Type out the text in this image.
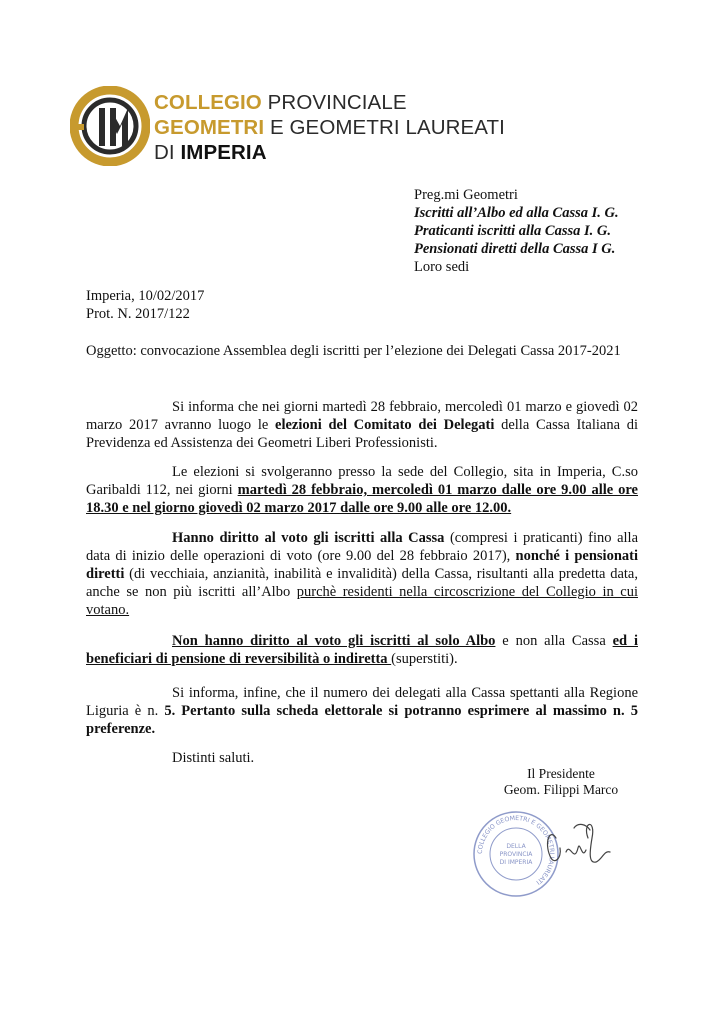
COLLEGIO PROVINCIALE
GEOMETRI E GEOMETRI LAUREATI
DI IMPERIA
Preg.mi Geometri
Iscritti all’Albo ed alla Cassa I. G.
Praticanti iscritti alla Cassa I. G.
Pensionati diretti della Cassa I G.
Loro sedi
Imperia, 10/02/2017
Prot. N. 2017/122
Oggetto: convocazione Assemblea degli iscritti per l’elezione dei Delegati Cassa 2017-2021
Si informa che nei giorni martedì 28 febbraio, mercoledì 01 marzo e giovedì 02 marzo 2017 avranno luogo le elezioni del Comitato dei Delegati della Cassa Italiana di Previdenza ed Assistenza dei Geometri Liberi Professionisti.
Le elezioni si svolgeranno presso la sede del Collegio, sita in Imperia, C.so Garibaldi 112, nei giorni martedì 28 febbraio, mercoledì 01 marzo dalle ore 9.00 alle ore 18.30 e nel giorno giovedì 02 marzo 2017 dalle ore 9.00 alle ore 12.00.
Hanno diritto al voto gli iscritti alla Cassa (compresi i praticanti) fino alla data di inizio delle operazioni di voto (ore 9.00 del 28 febbraio 2017), nonché i pensionati diretti (di vecchiaia, anzianità, inabilità e invalidità) della Cassa, risultanti alla predetta data, anche se non più iscritti all’Albo purchè residenti nella circoscrizione del Collegio in cui votano.
Non hanno diritto al voto gli iscritti al solo Albo e non alla Cassa ed i beneficiari di pensione di reversibilità o indiretta (superstiti).
Si informa, infine, che il numero dei delegati alla Cassa spettanti alla Regione Liguria è n. 5. Pertanto sulla scheda elettorale si potranno esprimere al massimo n. 5 preferenze.
Distinti saluti.
Il Presidente
Geom. Filippi Marco
COLLEGIO GEOMETRI E GEOMETRI LAUREATI
DELLA
PROVINCIA
DI IMPERIA
